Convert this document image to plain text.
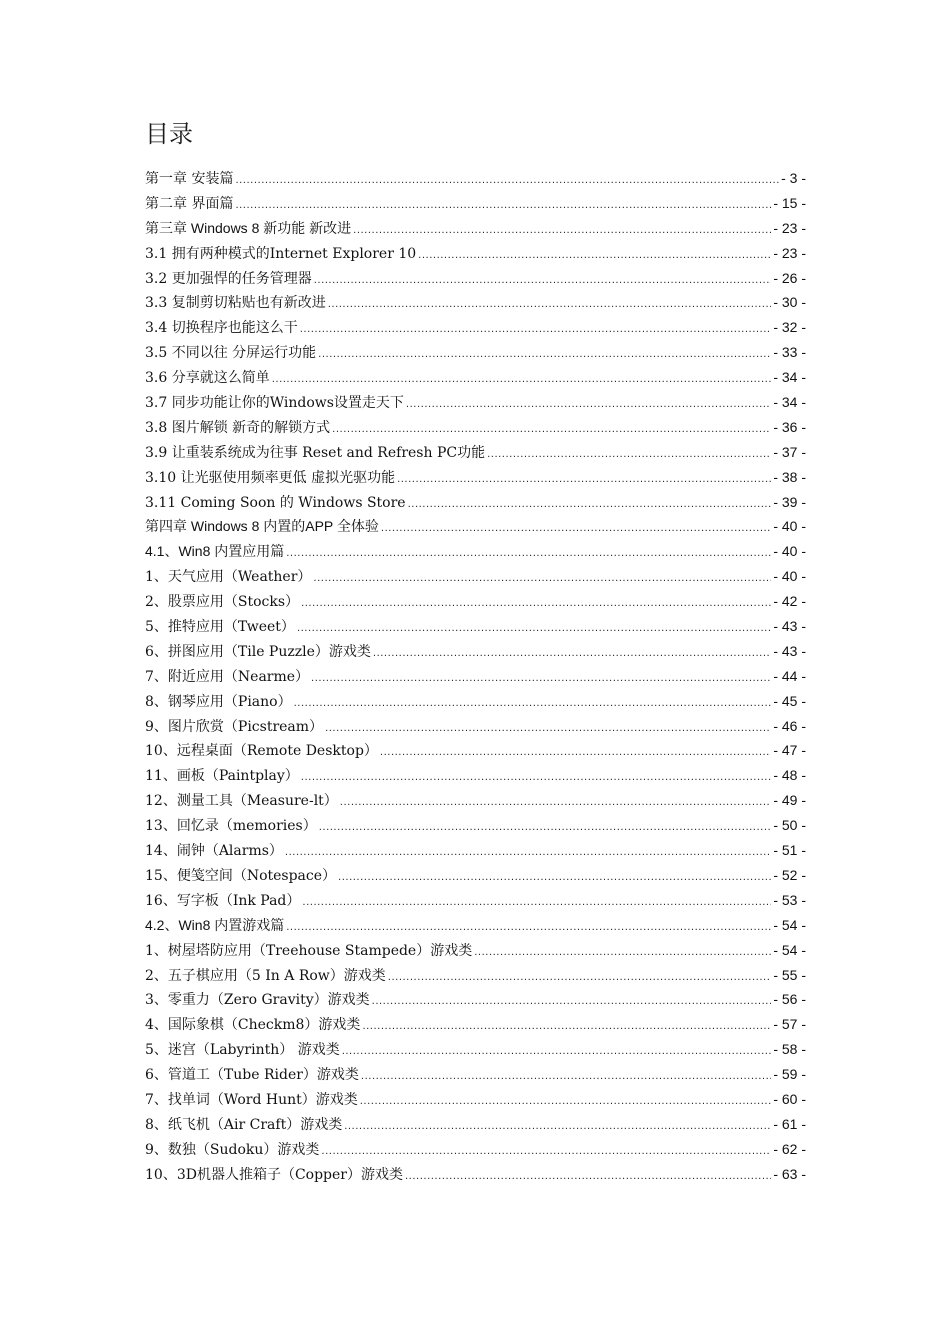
目录
第一章 安装篇 .....	- 3 -
第二章 界面篇 .....	- 15 -
第三章 Windows 8 新功能 新改进 .....	- 23 -
3.1 拥有两种模式的Internet Explorer 10 .....	- 23 -
3.2 更加强悍的任务管理器 .....	- 26 -
3.3 复制剪切粘贴也有新改进 .....	- 30 -
3.4 切换程序也能这么干 .....	- 32 -
3.5 不同以往 分屏运行功能 .....	- 33 -
3.6 分享就这么简单 .....	- 34 -
3.7 同步功能让你的Windows设置走天下 .....	- 34 -
3.8 图片解锁 新奇的解锁方式 .....	- 36 -
3.9 让重装系统成为往事 Reset and Refresh PC功能 .....	- 37 -
3.10 让光驱使用频率更低 虚拟光驱功能 .....	- 38 -
3.11 Coming Soon 的 Windows Store .....	- 39 -
第四章 Windows 8 内置的APP 全体验 .....	- 40 -
4.1、Win8 内置应用篇 .....	- 40 -
1、天气应用（Weather） .....	- 40 -
2、股票应用（Stocks） .....	- 42 -
5、推特应用（Tweet） .....	- 43 -
6、拼图应用（Tile Puzzle）游戏类 .....	- 43 -
7、附近应用（Nearme） .....	- 44 -
8、钢琴应用（Piano） .....	- 45 -
9、图片欣赏（Picstream） .....	- 46 -
10、远程桌面（Remote Desktop） .....	- 47 -
11、画板（Paintplay） .....	- 48 -
12、测量工具（Measure-lt） .....	- 49 -
13、回忆录（memories） .....	- 50 -
14、闹钟（Alarms） .....	- 51 -
15、便笺空间（Notespace） .....	- 52 -
16、写字板（Ink Pad） .....	- 53 -
4.2、Win8 内置游戏篇 .....	- 54 -
1、树屋塔防应用（Treehouse Stampede）游戏类 .....	- 54 -
2、五子棋应用（5 In A Row）游戏类 .....	- 55 -
3、零重力（Zero Gravity）游戏类 .....	- 56 -
4、国际象棋（Checkm8）游戏类 .....	- 57 -
5、迷宫（Labyrinth） 游戏类 .....	- 58 -
6、管道工（Tube Rider）游戏类 .....	- 59 -
7、找单词（Word Hunt）游戏类 .....	- 60 -
8、纸飞机（Air Craft）游戏类 .....	- 61 -
9、数独（Sudoku）游戏类 .....	- 62 -
10、3D机器人推箱子（Copper）游戏类 .....	- 63 -
